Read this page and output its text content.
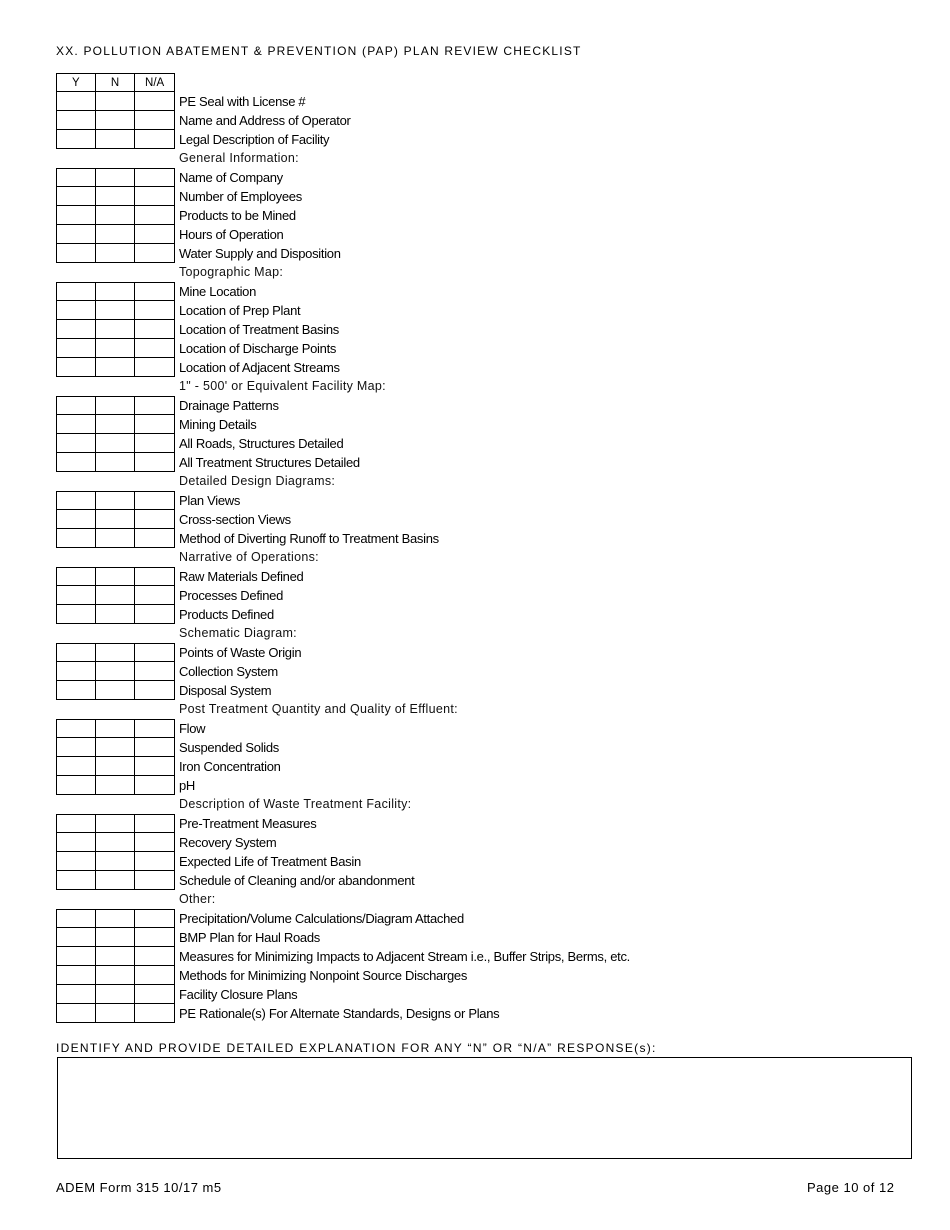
XX. POLLUTION ABATEMENT & PREVENTION (PAP) PLAN REVIEW CHECKLIST
Y	N	N/A
PE Seal with License #
Name and Address of Operator
Legal Description of Facility
General Information:
Name of Company
Number of Employees
Products to be Mined
Hours of Operation
Water Supply and Disposition
Topographic Map:
Mine Location
Location of Prep Plant
Location of Treatment Basins
Location of Discharge Points
Location of Adjacent Streams
1" - 500' or Equivalent Facility Map:
Drainage Patterns
Mining Details
All Roads, Structures Detailed
All Treatment Structures Detailed
Detailed Design Diagrams:
Plan Views
Cross-section Views
Method of Diverting Runoff to Treatment Basins
Narrative of Operations:
Raw Materials Defined
Processes Defined
Products Defined
Schematic Diagram:
Points of Waste Origin
Collection System
Disposal System
Post Treatment Quantity and Quality of Effluent:
Flow
Suspended Solids
Iron Concentration
pH
Description of Waste Treatment Facility:
Pre-Treatment Measures
Recovery System
Expected Life of Treatment Basin
Schedule of Cleaning and/or abandonment
Other:
Precipitation/Volume Calculations/Diagram Attached
BMP Plan for Haul Roads
Measures for Minimizing Impacts to Adjacent Stream i.e., Buffer Strips, Berms, etc.
Methods for Minimizing Nonpoint Source Discharges
Facility Closure Plans
PE Rationale(s) For Alternate Standards, Designs or Plans
IDENTIFY AND PROVIDE DETAILED EXPLANATION FOR ANY “N” OR “N/A” RESPONSE(s):
ADEM Form 315 10/17 m5	Page 10 of 12
